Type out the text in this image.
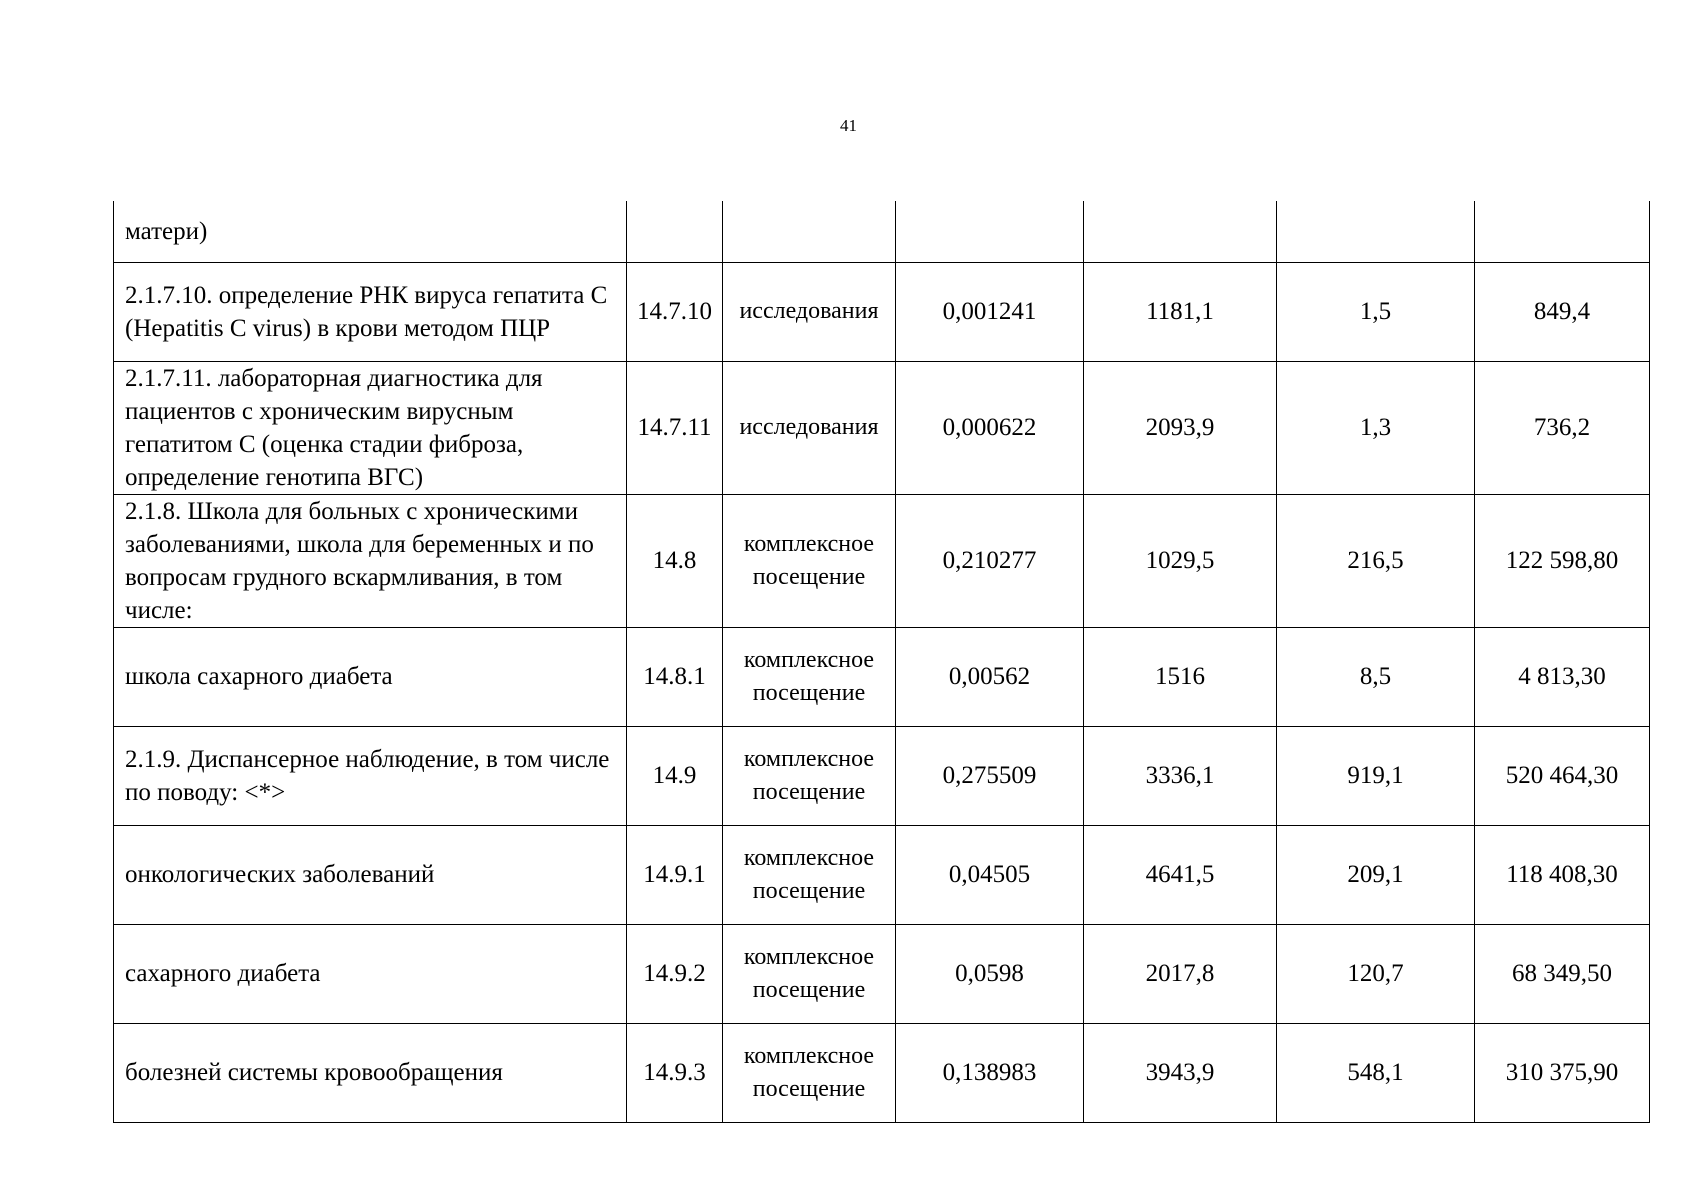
41
матери)						
2.1.7.10. определение РНК вируса гепатита C (Hepatitis C virus) в крови методом ПЦР	14.7.10	исследования	0,001241	1181,1	1,5	849,4
2.1.7.11. лабораторная диагностика для пациентов с хроническим вирусным гепатитом C (оценка стадии фиброза, определение генотипа ВГС)	14.7.11	исследования	0,000622	2093,9	1,3	736,2
2.1.8. Школа для больных с хроническими заболеваниями, школа для беременных и по вопросам грудного вскармливания, в том числе:	14.8	комплексное посещение	0,210277	1029,5	216,5	122 598,80
школа сахарного диабета	14.8.1	комплексное посещение	0,00562	1516	8,5	4 813,30
2.1.9. Диспансерное наблюдение, в том числе по поводу: <*>	14.9	комплексное посещение	0,275509	3336,1	919,1	520 464,30
онкологических заболеваний	14.9.1	комплексное посещение	0,04505	4641,5	209,1	118 408,30
сахарного диабета	14.9.2	комплексное посещение	0,0598	2017,8	120,7	68 349,50
болезней системы кровообращения	14.9.3	комплексное посещение	0,138983	3943,9	548,1	310 375,90
